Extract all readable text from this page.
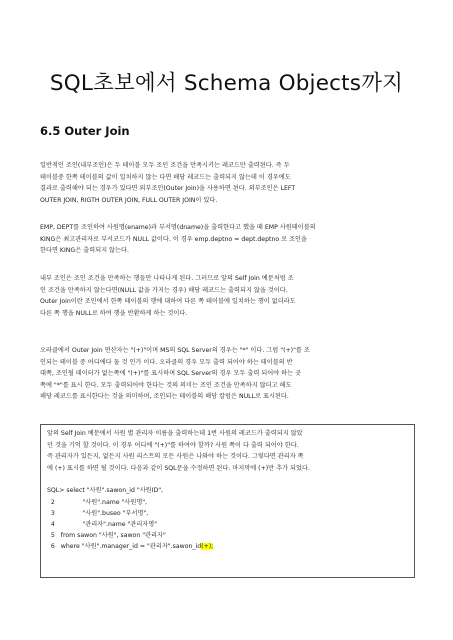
SQL초보에서 Schema Objects까지
6.5 Outer Join
일반적인 조인(내부조인)은 두 테이블 모두 조인 조건을 만족시키는 레코드만 출력된다. 즉 두
테이블중 한쪽 테이블의 값이 일치하지 않는 다면 해당 레코드는 출력되지 않는데 이 경우에도
결과로 출력해야 되는 경우가 있다면 외부조인(Outer Join)을 사용하면 된다. 외부조인은 LEFT
OUTER JOIN, RIGTH OUTER JOIN, FULL OUTER JOIN이 있다.
EMP, DEPT를 조인하여 사원명(ename)과 부서명(dname)을 출력한다고 했을 때 EMP 사원테이블의
KING은 최고관리자로 부서코드가 NULL 값이다. 이 경우 emp.deptno = dept.deptno 로 조인을
한다면 KING은 출력되지 않는다.
내부 조인은 조인 조건을 만족하는 행들만 나타나게 된다. 그러므로 앞의 Self Join 예문처럼 조
인 조건을 만족하지 않는다면(NULL 값을 가지는 경우) 해당 레코드는 출력되지 않을 것이다.
Outer Join이란 조인에서 한쪽 테이블의 행에 대하여 다른 쪽 테이블에 일치하는 행이 없더라도
다른 쪽 행을 NULL로 하여 행을 반환하게 하는 것이다.
오라클에서 Outer Join 연산자는 "(+)"이며 MS의 SQL Server의 경우는 "*" 이다. 그럼 "(+)"를 조
인되는 테이블 중 어디에다 둘 것 인가 이다. 오라클의 경우 모두 출력 되어야 하는 테이블의 반
대쪽, 조인될 데이터가 없는쪽에 "(+)"를 표시하며 SQL Server의 경우 모두 출력 되어야 하는 곳
쪽에 "*"를 표시 한다. 모두 출력되어야 한다는 것의 의미는 조인 조건을 만족하지 않더고 해도
해당 레코드를 표시한다는 것을 의미하며, 조인되는 테이블의 해당 칼럼은 NULL로 표시된다.
앞의 Self Join 예문에서 사원 별 관리자 이름을 출력하는데 1번 사원의 레코드가 출력되지 않았
던 것을 기억 할 것이다. 이 경우 어디에 "(+)"를 하여야 할까? 사원 쪽이 다 출력 되어야 한다.
즉 관리자가 있든지, 없든지 사원 리스트의 모든 사원은 나와야 하는 것이다. 그렇다면 관리자 쪽
에 (+) 표시를 하면 될 것이다. 다음과 같이 SQL문을 수정하면 된다. 마지막에 (+)만 추가 되었다.
SQL> select "사원".sawon_id "사원ID",
2              "사원".name "사원명",
3              "사원".buseo "부서명",
4              "관리자".name "관리자명"
5   from sawon "사원", sawon "관리자"
6   where "사원".manager_id = "관리자".sawon_id(+);
